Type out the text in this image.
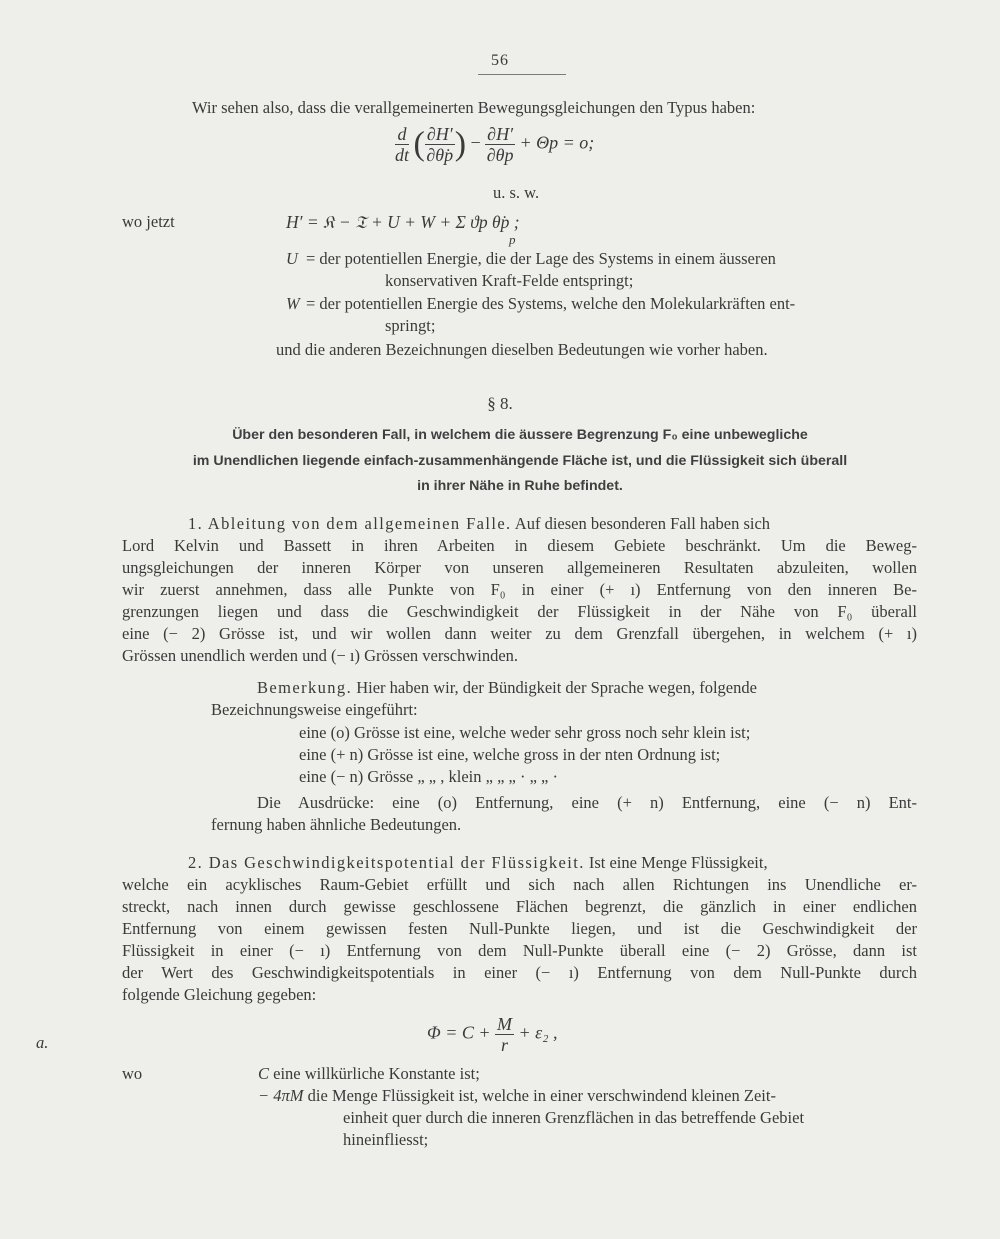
56
Wir sehen also, dass die verallgemeinerten Bewegungsgleichungen den Typus haben:
$\frac{d}{dt}$ ( $\frac{\partial H'}{\partial\thetȧp}$ ) − $\frac{\partial H'}{\partial\theta p} + \Theta p = o$;
u. s. w.
wo jetzt	H′ = 𝔎 − 𝔗 + U + W + Σ ϑp θ̇p ;
p
U = der potentiellen Energie, die der Lage des Systems in einem äusseren
konservativen Kraft-Felde entspringt;
W = der potentiellen Energie des Systems, welche den Molekularkräften ent-
springt;
und die anderen Bezeichnungen dieselben Bedeutungen wie vorher haben.
§ 8.
Über den besonderen Fall, in welchem die äussere Begrenzung F₀ eine unbewegliche
im Unendlichen liegende einfach-zusammenhängende Fläche ist, und die Flüssigkeit sich überall
in ihrer Nähe in Ruhe befindet.
1. Ableitung von dem allgemeinen Falle. Auf diesen besonderen Fall haben sich
Lord Kelvin und Bassett in ihren Arbeiten in diesem Gebiete beschränkt. Um die Beweg-
ungsgleichungen der inneren Körper von unseren allgemeineren Resultaten abzuleiten, wollen
wir zuerst annehmen, dass alle Punkte von F₀ in einer (+ ı) Entfernung von den inneren Be-
grenzungen liegen und dass die Geschwindigkeit der Flüssigkeit in der Nähe von F₀ überall
eine (− 2) Grösse ist, und wir wollen dann weiter zu dem Grenzfall übergehen, in welchem (+ ı)
Grössen unendlich werden und (− ı) Grössen verschwinden.
Bemerkung. Hier haben wir, der Bündigkeit der Sprache wegen, folgende
Bezeichnungsweise eingeführt:
eine (o) Grösse ist eine, welche weder sehr gross noch sehr klein ist;
eine (+ n) Grösse ist eine, welche gross in der nten Ordnung ist;
eine (− n) Grösse „ „ , klein „ „ „ · „ „ ·
Die Ausdrücke: eine (o) Entfernung, eine (+ n) Entfernung, eine (− n) Ent-
fernung haben ähnliche Bedeutungen.
2. Das Geschwindigkeitspotential der Flüssigkeit. Ist eine Menge Flüssigkeit,
welche ein acyklisches Raum-Gebiet erfüllt und sich nach allen Richtungen ins Unendliche er-
streckt, nach innen durch gewisse geschlossene Flächen begrenzt, die gänzlich in einer endlichen
Entfernung von einem gewissen festen Null-Punkte liegen, und ist die Geschwindigkeit der
Flüssigkeit in einer (− ı) Entfernung von dem Null-Punkte überall eine (− 2) Grösse, dann ist
der Wert des Geschwindigkeitspotentials in einer (− ı) Entfernung von dem Null-Punkte durch
folgende Gleichung gegeben:
a.	$\Phi = C + \frac{M}{r} + \varepsilon_2$ ,
wo	C eine willkürliche Konstante ist;
− 4πM die Menge Flüssigkeit ist, welche in einer verschwindend kleinen Zeit-
einheit quer durch die inneren Grenzflächen in das betreffende Gebiet
hineinfliesst;
